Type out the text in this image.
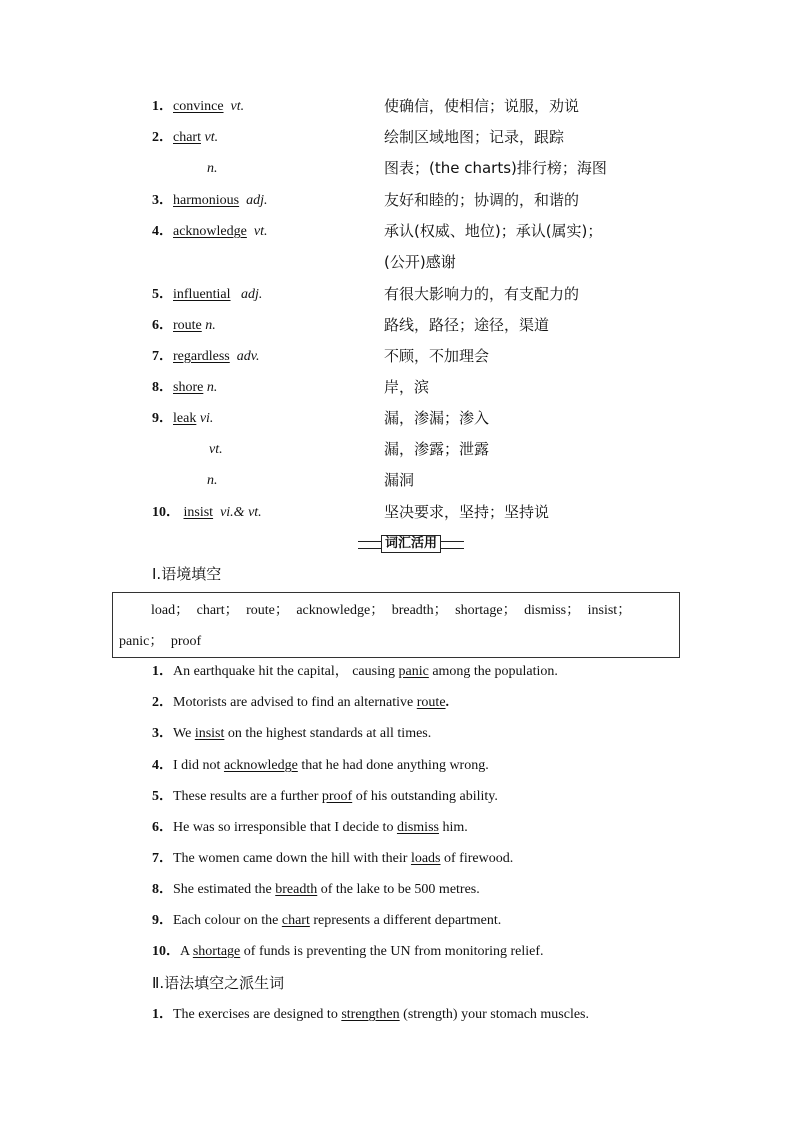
1．convince vt.	使确信，使相信；说服，劝说
2．chart vt.	绘制区域地图；记录，跟踪
n.	图表；(the charts)排行榜；海图
3．harmonious adj.	友好和睦的；协调的，和谐的
4．acknowledge vt.	承认(权威、地位)；承认(属实)；
(公开)感谢
5．influential adj.	有很大影响力的，有支配力的
6．route n.	路线，路径；途径，渠道
7．regardless adv.	不顾，不加理会
8．shore n.	岸，滨
9．leak vi.	漏，渗漏；渗入
vt.	漏，渗露；泄露
n.	漏洞
10． insist vi.& vt.	坚决要求，坚持；坚持说
词汇活用
Ⅰ.语境填空
load； chart； route； acknowledge； breadth； shortage； dismiss； insist；
panic； proof
1．An earthquake hit the capital， causing panic among the population.
2．Motorists are advised to find an alternative route.
3．We insist on the highest standards at all times.
4．I did not acknowledge that he had done anything wrong.
5．These results are a further proof of his outstanding ability.
6．He was so irresponsible that I decide to dismiss him.
7．The women came down the hill with their loads of firewood.
8．She estimated the breadth of the lake to be 500 metres.
9．Each colour on the chart represents a different department.
10．A shortage of funds is preventing the UN from monitoring relief.
Ⅱ.语法填空之派生词
1．The exercises are designed to strengthen (strength) your stomach muscles.
